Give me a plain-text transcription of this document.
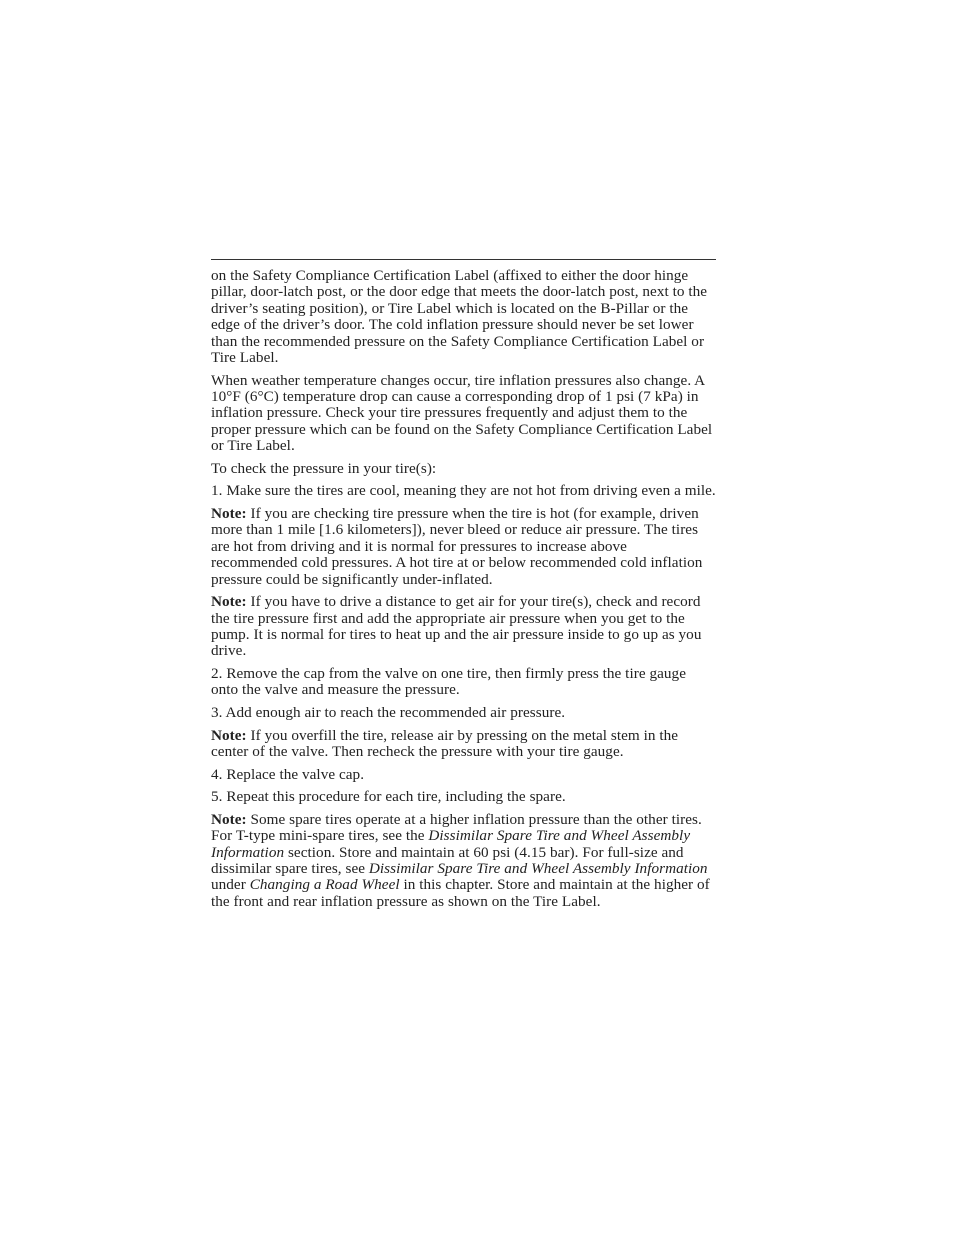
on the Safety Compliance Certification Label (affixed to either the door hinge pillar, door-latch post, or the door edge that meets the door-latch post, next to the driver’s seating position), or Tire Label which is located on the B-Pillar or the edge of the driver’s door. The cold inflation pressure should never be set lower than the recommended pressure on the Safety Compliance Certification Label or Tire Label.

When weather temperature changes occur, tire inflation pressures also change. A 10°F (6°C) temperature drop can cause a corresponding drop of 1 psi (7 kPa) in inflation pressure. Check your tire pressures frequently and adjust them to the proper pressure which can be found on the Safety Compliance Certification Label or Tire Label.

To check the pressure in your tire(s):

1. Make sure the tires are cool, meaning they are not hot from driving even a mile.

Note: If you are checking tire pressure when the tire is hot (for example, driven more than 1 mile [1.6 kilometers]), never bleed or reduce air pressure. The tires are hot from driving and it is normal for pressures to increase above recommended cold pressures. A hot tire at or below recommended cold inflation pressure could be significantly under-inflated.

Note: If you have to drive a distance to get air for your tire(s), check and record the tire pressure first and add the appropriate air pressure when you get to the pump. It is normal for tires to heat up and the air pressure inside to go up as you drive.

2. Remove the cap from the valve on one tire, then firmly press the tire gauge onto the valve and measure the pressure.

3. Add enough air to reach the recommended air pressure.

Note: If you overfill the tire, release air by pressing on the metal stem in the center of the valve. Then recheck the pressure with your tire gauge.

4. Replace the valve cap.

5. Repeat this procedure for each tire, including the spare.

Note: Some spare tires operate at a higher inflation pressure than the other tires. For T-type mini-spare tires, see the Dissimilar Spare Tire and Wheel Assembly Information section. Store and maintain at 60 psi (4.15 bar). For full-size and dissimilar spare tires, see Dissimilar Spare Tire and Wheel Assembly Information under Changing a Road Wheel in this chapter. Store and maintain at the higher of the front and rear inflation pressure as shown on the Tire Label.
